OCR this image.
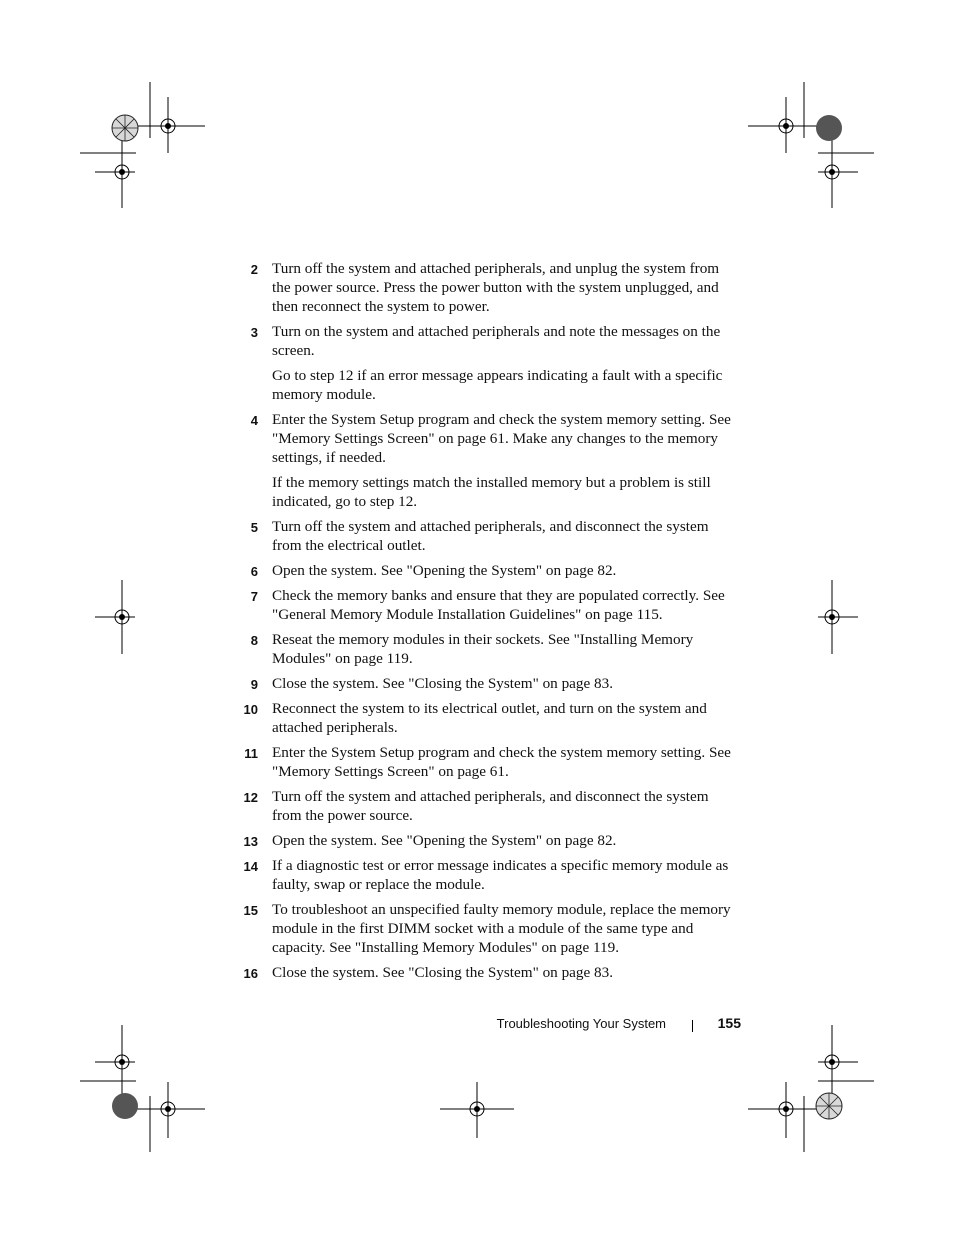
2 Turn off the system and attached peripherals, and unplug the system from the power source. Press the power button with the system unplugged, and then reconnect the system to power.
3 Turn on the system and attached peripherals and note the messages on the screen.
Go to step 12 if an error message appears indicating a fault with a specific memory module.
4 Enter the System Setup program and check the system memory setting. See "Memory Settings Screen" on page 61. Make any changes to the memory settings, if needed.
If the memory settings match the installed memory but a problem is still indicated, go to step 12.
5 Turn off the system and attached peripherals, and disconnect the system from the electrical outlet.
6 Open the system. See "Opening the System" on page 82.
7 Check the memory banks and ensure that they are populated correctly. See "General Memory Module Installation Guidelines" on page 115.
8 Reseat the memory modules in their sockets. See "Installing Memory Modules" on page 119.
9 Close the system. See "Closing the System" on page 83.
10 Reconnect the system to its electrical outlet, and turn on the system and attached peripherals.
11 Enter the System Setup program and check the system memory setting. See "Memory Settings Screen" on page 61.
12 Turn off the system and attached peripherals, and disconnect the system from the power source.
13 Open the system. See "Opening the System" on page 82.
14 If a diagnostic test or error message indicates a specific memory module as faulty, swap or replace the module.
15 To troubleshoot an unspecified faulty memory module, replace the memory module in the first DIMM socket with a module of the same type and capacity. See "Installing Memory Modules" on page 119.
16 Close the system. See "Closing the System" on page 83.
Troubleshooting Your System	155
